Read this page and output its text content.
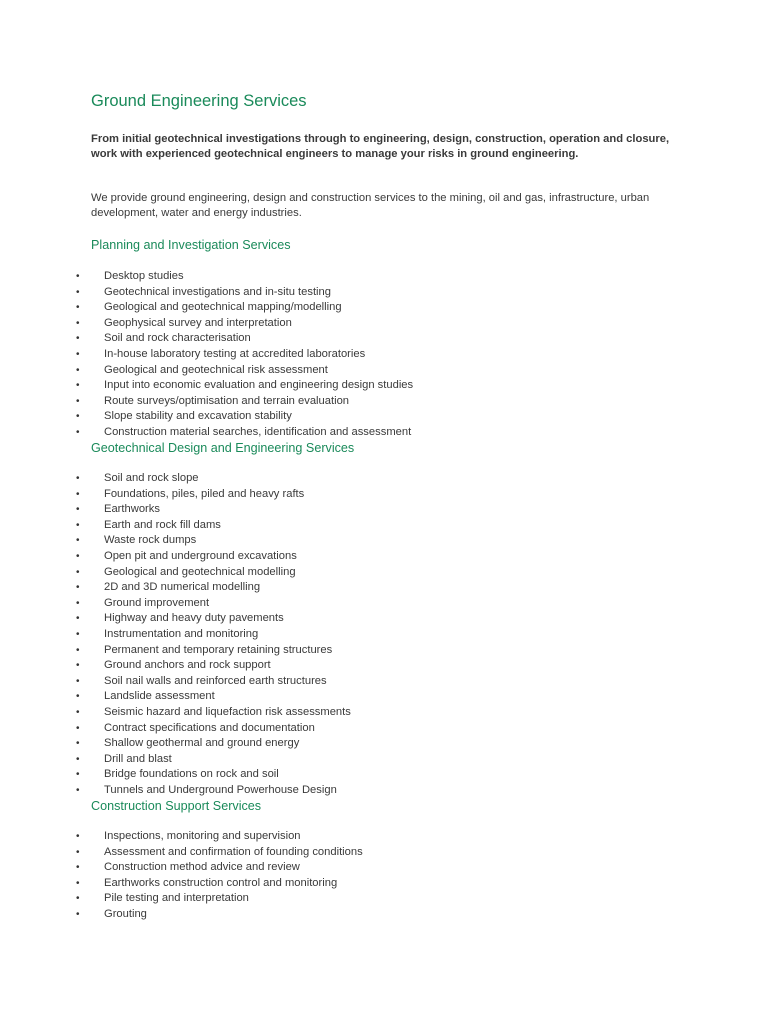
Ground Engineering Services

From initial geotechnical investigations through to engineering, design, construction, operation and closure, work with experienced geotechnical engineers to manage your risks in ground engineering.

We provide ground engineering, design and construction services to the mining, oil and gas, infrastructure, urban development, water and energy industries.

Planning and Investigation Services
• Desktop studies
• Geotechnical investigations and in-situ testing
• Geological and geotechnical mapping/modelling
• Geophysical survey and interpretation
• Soil and rock characterisation
• In-house laboratory testing at accredited laboratories
• Geological and geotechnical risk assessment
• Input into economic evaluation and engineering design studies
• Route surveys/optimisation and terrain evaluation
• Slope stability and excavation stability
• Construction material searches, identification and assessment
Geotechnical Design and Engineering Services
• Soil and rock slope
• Foundations, piles, piled and heavy rafts
• Earthworks
• Earth and rock fill dams
• Waste rock dumps
• Open pit and underground excavations
• Geological and geotechnical modelling
• 2D and 3D numerical modelling
• Ground improvement
• Highway and heavy duty pavements
• Instrumentation and monitoring
• Permanent and temporary retaining structures
• Ground anchors and rock support
• Soil nail walls and reinforced earth structures
• Landslide assessment
• Seismic hazard and liquefaction risk assessments
• Contract specifications and documentation
• Shallow geothermal and ground energy
• Drill and blast
• Bridge foundations on rock and soil
• Tunnels and Underground Powerhouse Design
Construction Support Services
• Inspections, monitoring and supervision
• Assessment and confirmation of founding conditions
• Construction method advice and review
• Earthworks construction control and monitoring
• Pile testing and interpretation
• Grouting
